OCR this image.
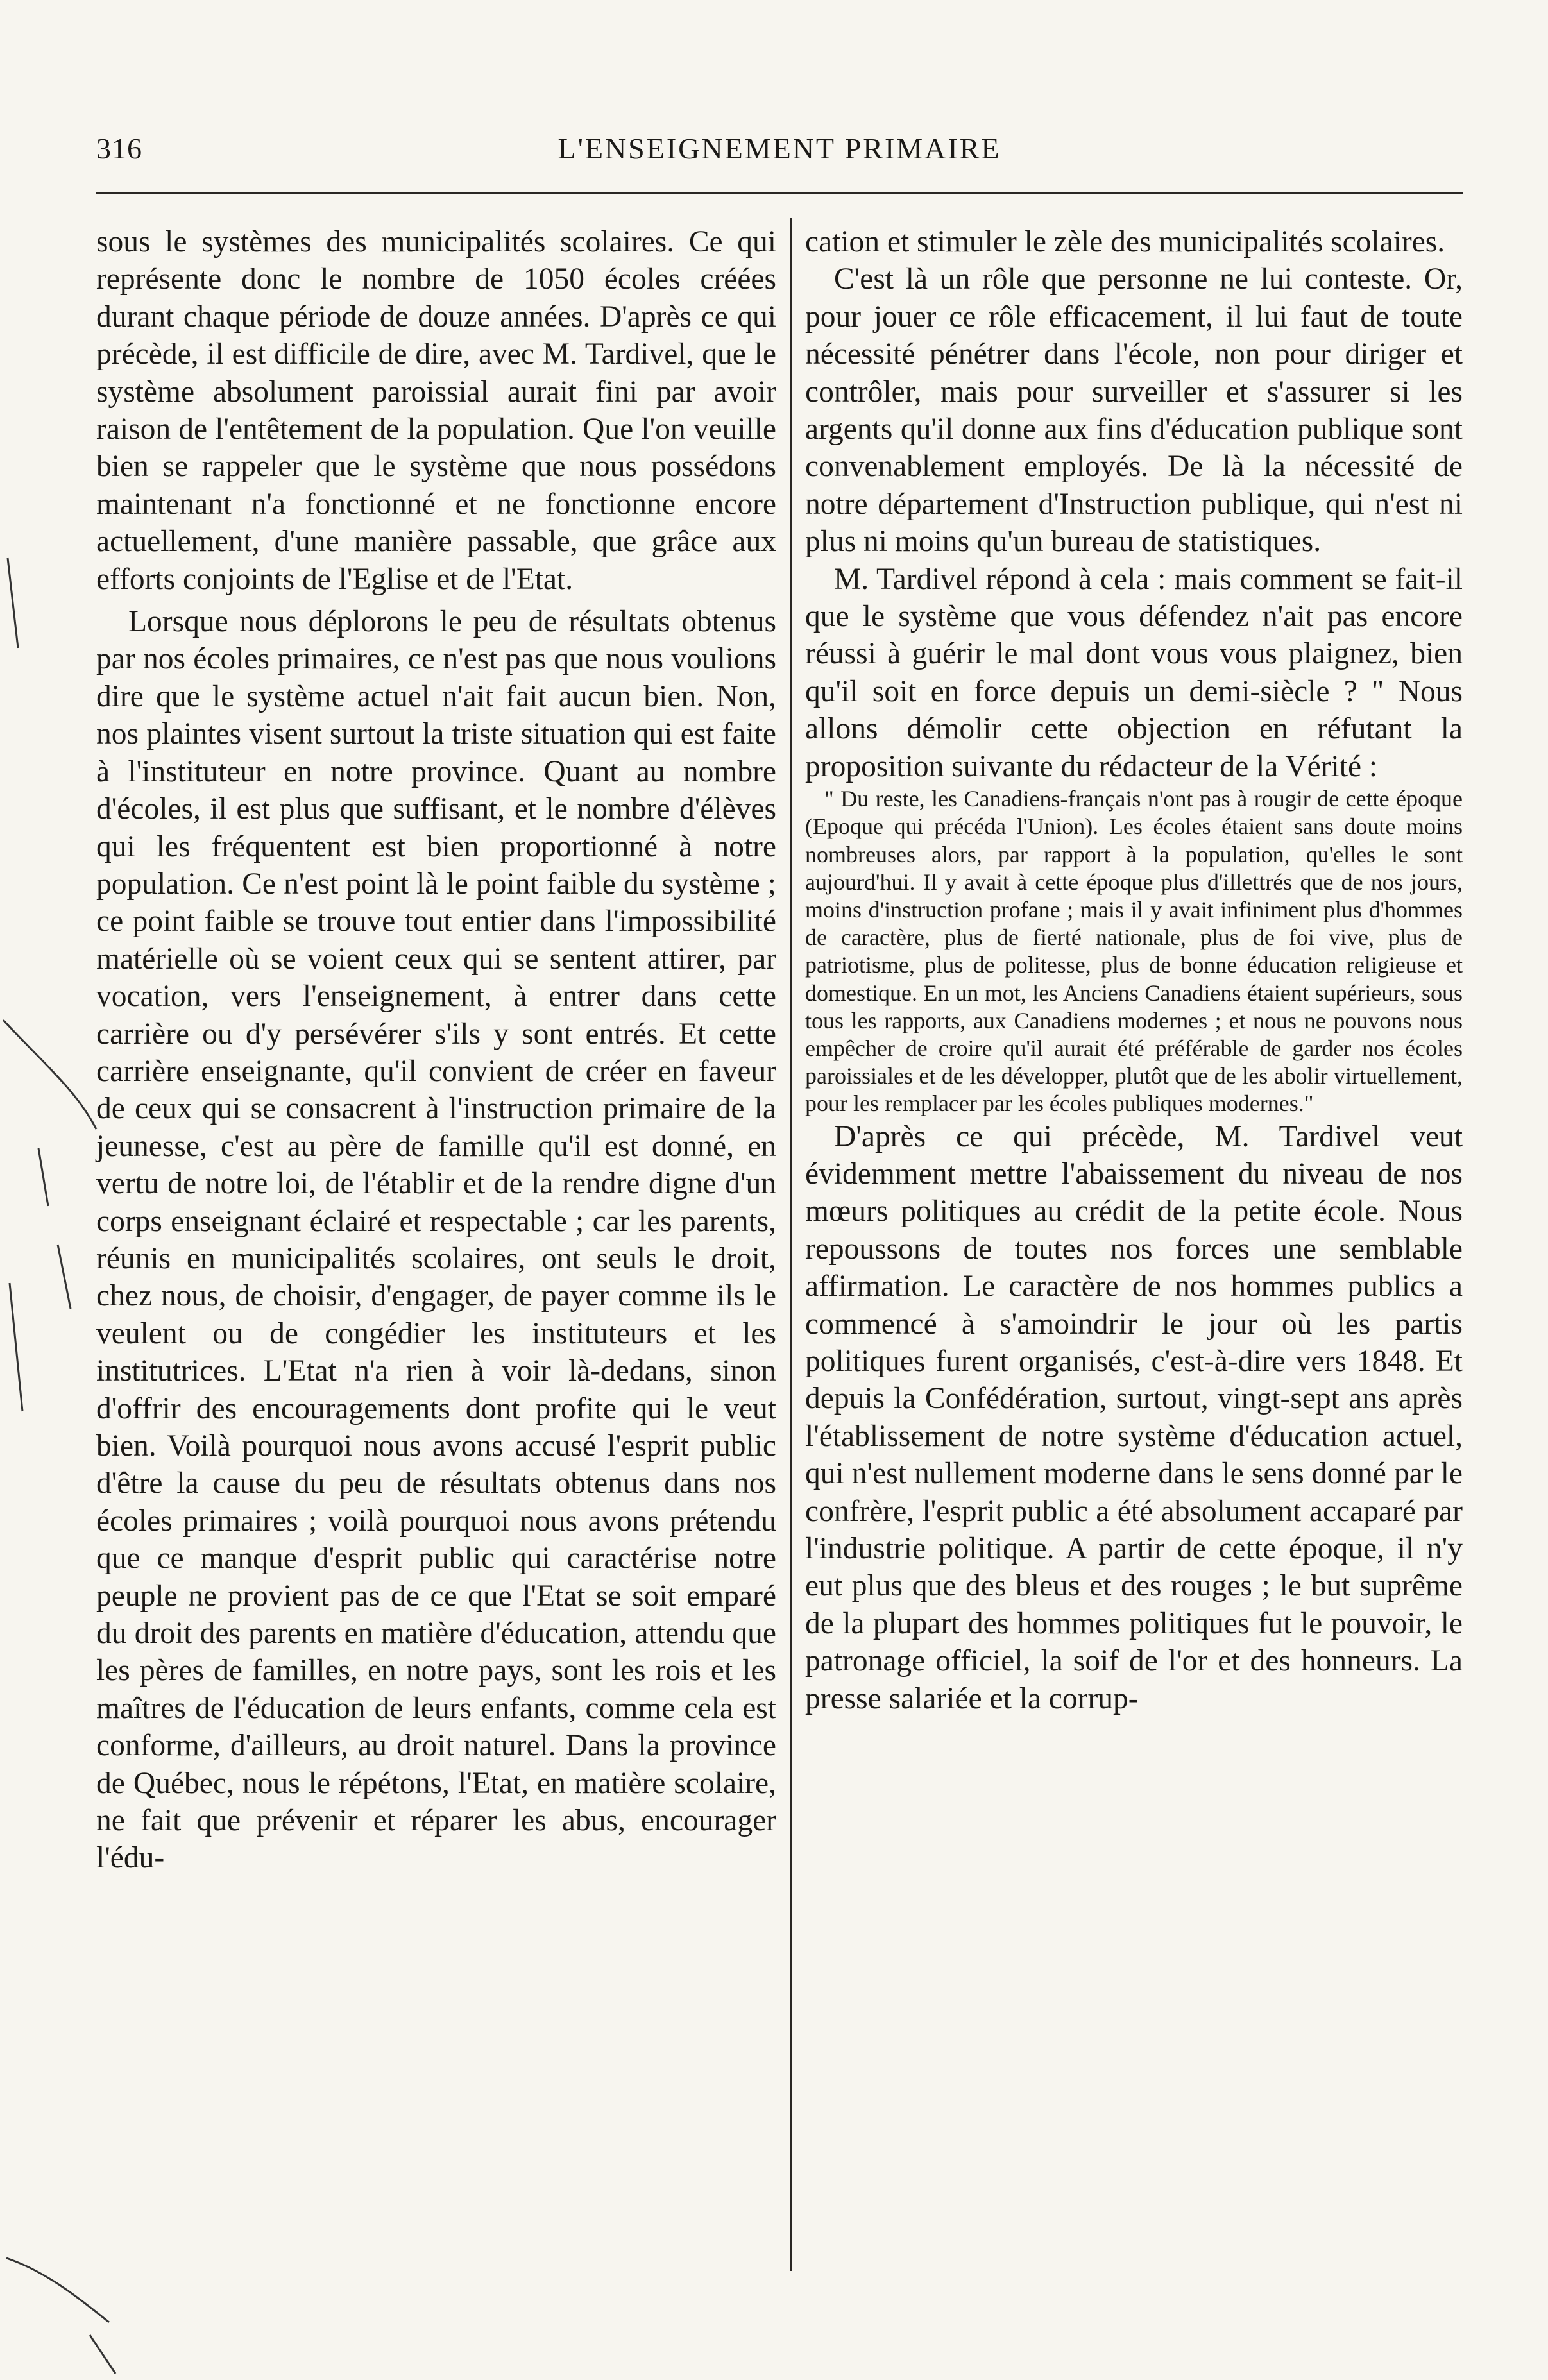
L'ENSEIGNEMENT PRIMAIRE
316

sous le systèmes des municipalités scolaires. Ce qui représente donc le nombre de 1050 écoles créées durant chaque période de douze années. D'après ce qui précède, il est difficile de dire, avec M. Tardivel, que le système absolument paroissial aurait fini par avoir raison de l'entêtement de la population. Que l'on veuille bien se rappeler que le système que nous possédons maintenant n'a fonctionné et ne fonctionne encore actuellement, d'une manière passable, que grâce aux efforts conjoints de l'Eglise et de l'Etat.

Lorsque nous déplorons le peu de résultats obtenus par nos écoles primaires, ce n'est pas que nous voulions dire que le système actuel n'ait fait aucun bien. Non, nos plaintes visent surtout la triste situation qui est faite à l'instituteur en notre province. Quant au nombre d'écoles, il est plus que suffisant, et le nombre d'élèves qui les fréquentent est bien proportionné à notre population. Ce n'est point là le point faible du système ; ce point faible se trouve tout entier dans l'impossibilité matérielle où se voient ceux qui se sentent attirer, par vocation, vers l'enseignement, à entrer dans cette carrière ou d'y persévérer s'ils y sont entrés. Et cette carrière enseignante, qu'il convient de créer en faveur de ceux qui se consacrent à l'instruction primaire de la jeunesse, c'est au père de famille qu'il est donné, en vertu de notre loi, de l'établir et de la rendre digne d'un corps enseignant éclairé et respectable ; car les parents, réunis en municipalités scolaires, ont seuls le droit, chez nous, de choisir, d'engager, de payer comme ils le veulent ou de congédier les instituteurs et les institutrices. L'Etat n'a rien à voir là-dedans, sinon d'offrir des encouragements dont profite qui le veut bien. Voilà pourquoi nous avons accusé l'esprit public d'être la cause du peu de résultats obtenus dans nos écoles primaires ; voilà pourquoi nous avons prétendu que ce manque d'esprit public qui caractérise notre peuple ne provient pas de ce que l'Etat se soit emparé du droit des parents en matière d'éducation, attendu que les pères de familles, en notre pays, sont les rois et les maîtres de l'éducation de leurs enfants, comme cela est conforme, d'ailleurs, au droit naturel. Dans la province de Québec, nous le répétons, l'Etat, en matière scolaire, ne fait que prévenir et réparer les abus, encourager l'édu-

cation et stimuler le zèle des municipalités scolaires.

C'est là un rôle que personne ne lui conteste. Or, pour jouer ce rôle efficacement, il lui faut de toute nécessité pénétrer dans l'école, non pour diriger et contrôler, mais pour surveiller et s'assurer si les argents qu'il donne aux fins d'éducation publique sont convenablement employés. De là la nécessité de notre département d'Instruction publique, qui n'est ni plus ni moins qu'un bureau de statistiques.

M. Tardivel répond à cela : mais comment se fait-il que le système que vous défendez n'ait pas encore réussi à guérir le mal dont vous vous plaignez, bien qu'il soit en force depuis un demi-siècle ? " Nous allons démolir cette objection en réfutant la proposition suivante du rédacteur de la Vérité :

" Du reste, les Canadiens-français n'ont pas à rougir de cette époque (Epoque qui précéda l'Union). Les écoles étaient sans doute moins nombreuses alors, par rapport à la population, qu'elles le sont aujourd'hui. Il y avait à cette époque plus d'illettrés que de nos jours, moins d'instruction profane ; mais il y avait infiniment plus d'hommes de caractère, plus de fierté nationale, plus de foi vive, plus de patriotisme, plus de politesse, plus de bonne éducation religieuse et domestique. En un mot, les Anciens Canadiens étaient supérieurs, sous tous les rapports, aux Canadiens modernes ; et nous ne pouvons nous empêcher de croire qu'il aurait été préférable de garder nos écoles paroissiales et de les développer, plutôt que de les abolir virtuellement, pour les remplacer par les écoles publiques modernes."

D'après ce qui précède, M. Tardivel veut évidemment mettre l'abaissement du niveau de nos mœurs politiques au crédit de la petite école. Nous repoussons de toutes nos forces une semblable affirmation. Le caractère de nos hommes publics a commencé à s'amoindrir le jour où les partis politiques furent organisés, c'est-à-dire vers 1848. Et depuis la Confédération, surtout, vingt-sept ans après l'établissement de notre système d'éducation actuel, qui n'est nullement moderne dans le sens donné par le confrère, l'esprit public a été absolument accaparé par l'industrie politique. A partir de cette époque, il n'y eut plus que des bleus et des rouges ; le but suprême de la plupart des hommes politiques fut le pouvoir, le patronage officiel, la soif de l'or et des honneurs. La presse salariée et la corrup-
